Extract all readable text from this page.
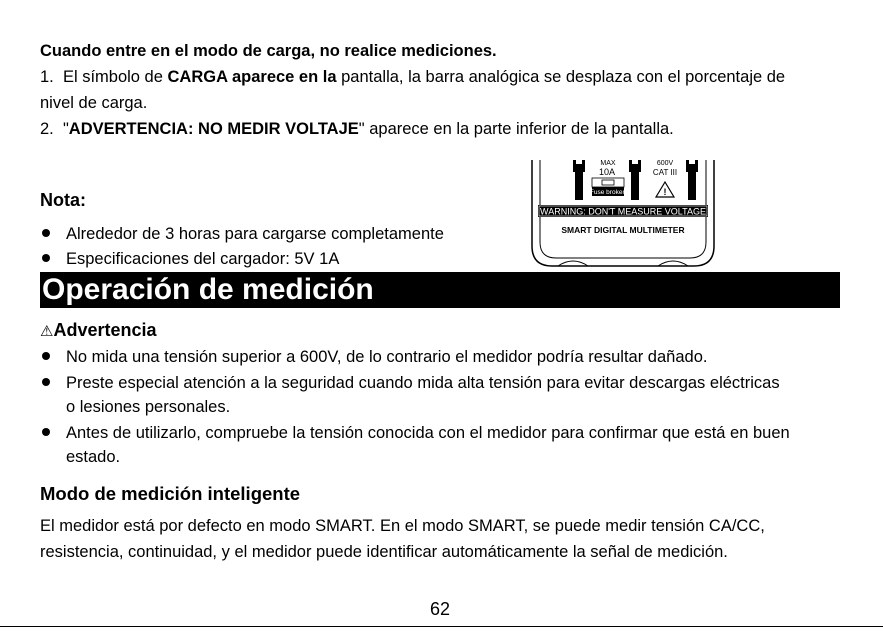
Cuando entre en el modo de carga, no realice mediciones.

1. El símbolo de CARGA aparece en la pantalla, la barra analógica se desplaza con el porcentaje de

nivel de carga.

2. "ADVERTENCIA: NO MEDIR VOLTAJE" aparece en la parte inferior de la pantalla.

Nota:

Alrededor de 3 horas para cargarse completamente

Especificaciones del cargador: 5V 1A

MAX
10A
Fuse broken
600V
CAT III
!
WARNING: DON'T MEASURE VOLTAGE
SMART DIGITAL MULTIMETER
Operación de medición
⚠Advertencia

No mida una tensión superior a 600V, de lo contrario el medidor podría resultar dañado.

Preste especial atención a la seguridad cuando mida alta tensión para evitar descargas eléctricas

o lesiones personales.

Antes de utilizarlo, compruebe la tensión conocida con el medidor para confirmar que está en buen

estado.

Modo de medición inteligente

El medidor está por defecto en modo SMART. En el modo SMART, se puede medir tensión CA/CC,

resistencia, continuidad, y el medidor puede identificar automáticamente la señal de medición.

62
